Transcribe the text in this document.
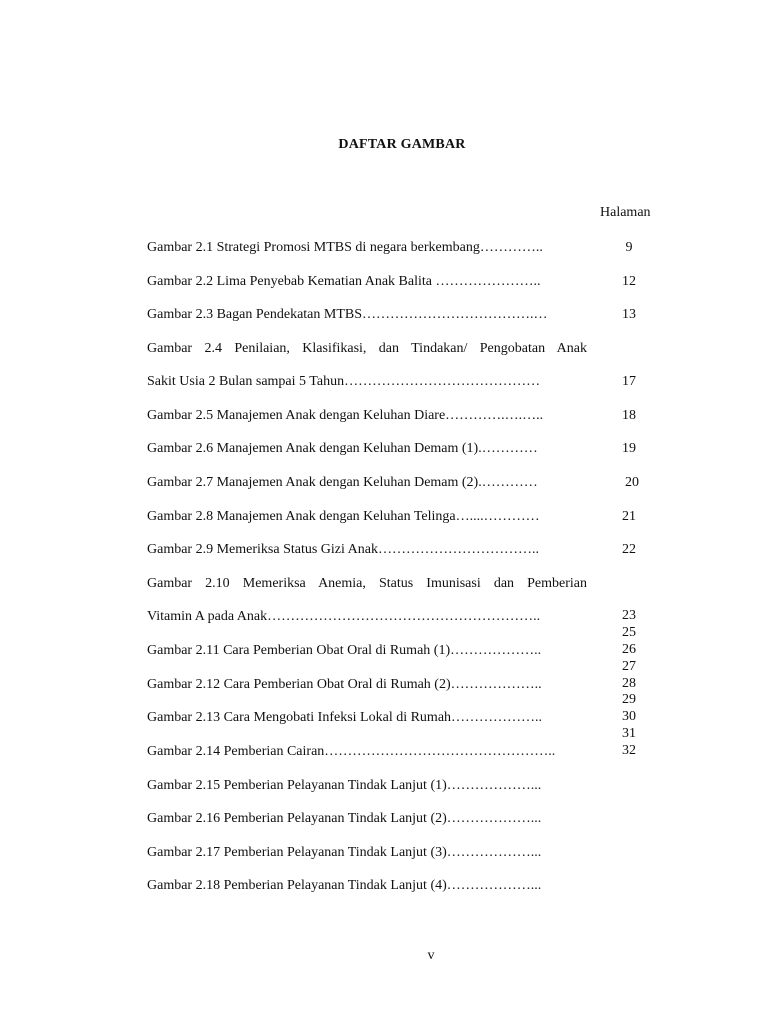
DAFTAR GAMBAR
Halaman
Gambar 2.1 Strategi Promosi MTBS di negara berkembang…………..
Gambar 2.2 Lima Penyebab Kematian Anak Balita …………………..
Gambar 2.3 Bagan Pendekatan MTBS……………………………….…
Gambar 2.4 Penilaian, Klasifikasi, dan Tindakan/ Pengobatan Anak
Sakit Usia 2 Bulan sampai 5 Tahun……………………………………
Gambar 2.5 Manajemen Anak dengan Keluhan Diare………….….…..
Gambar 2.6 Manajemen Anak dengan Keluhan Demam (1).…………
Gambar 2.7 Manajemen Anak dengan Keluhan Demam (2).…………
Gambar 2.8 Manajemen Anak dengan Keluhan Telinga…....…………
Gambar 2.9 Memeriksa Status Gizi Anak……………………………..
Gambar 2.10 Memeriksa Anemia, Status Imunisasi dan Pemberian
Vitamin A pada Anak…………………………………………………..
Gambar 2.11 Cara Pemberian Obat Oral di Rumah (1)………………..
Gambar 2.12 Cara Pemberian Obat Oral di Rumah (2)………………..
Gambar 2.13 Cara Mengobati Infeksi Lokal di Rumah………………..
Gambar 2.14 Pemberian Cairan…………………………………………..
Gambar 2.15 Pemberian Pelayanan Tindak Lanjut (1)………………...
Gambar 2.16 Pemberian Pelayanan Tindak Lanjut (2)………………...
Gambar 2.17 Pemberian Pelayanan Tindak Lanjut (3)………………...
Gambar 2.18 Pemberian Pelayanan Tindak Lanjut (4)………………...
9
12
13
17
18
19
20
21
22
23
25
26
27
28
29
30
31
32
v
